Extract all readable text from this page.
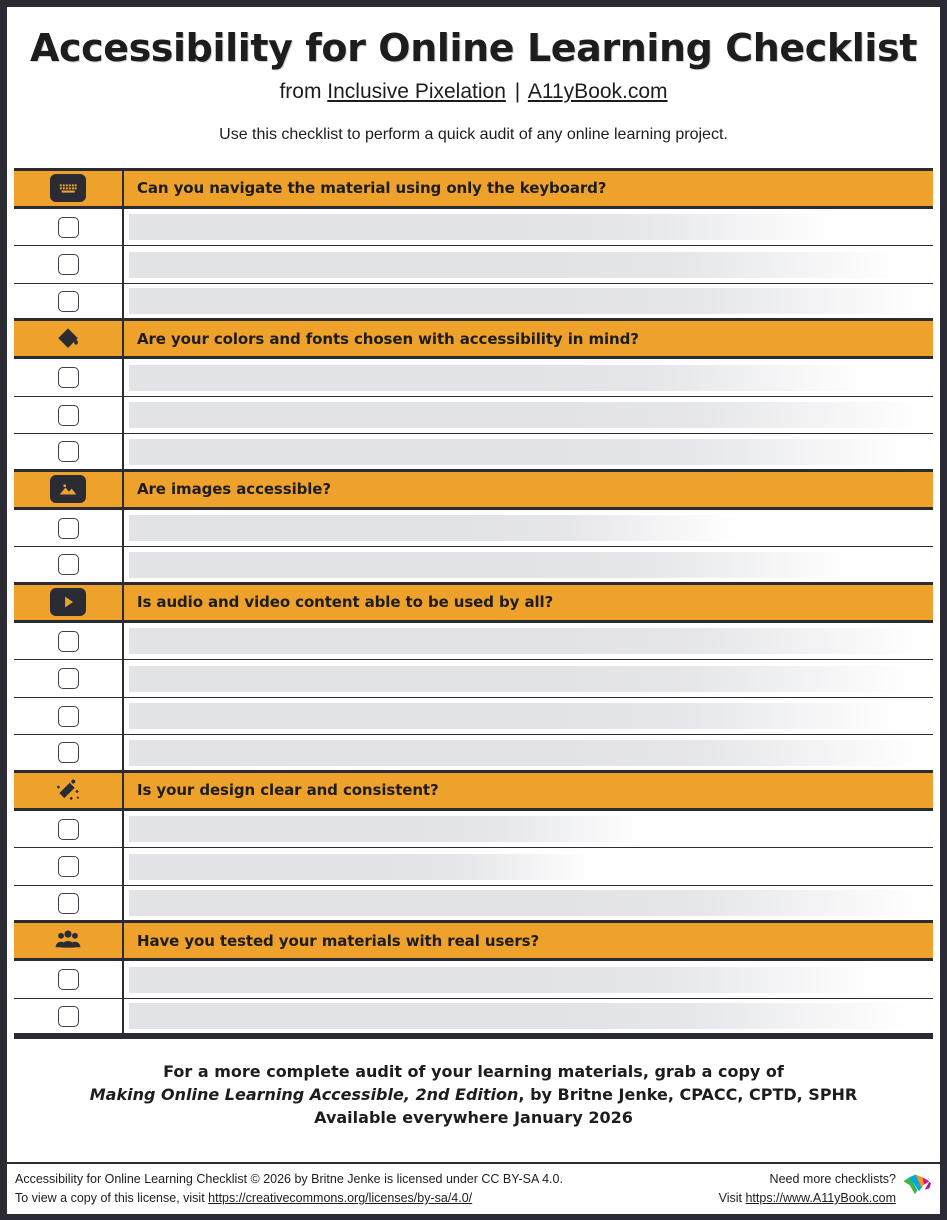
Accessibility for Online Learning Checklist
from Inclusive Pixelation | A11yBook.com
Use this checklist to perform a quick audit of any online learning project.
Can you navigate the material using only the keyboard?
Are your colors and fonts chosen with accessibility in mind?
Are images accessible?
Is audio and video content able to be used by all?
Is your design clear and consistent?
Have you tested your materials with real users?
For a more complete audit of your learning materials, grab a copy of
Making Online Learning Accessible, 2nd Edition, by Britne Jenke, CPACC, CPTD, SPHR
Available everywhere January 2026
Accessibility for Online Learning Checklist © 2026 by Britne Jenke is licensed under CC BY-SA 4.0.
To view a copy of this license, visit https://creativecommons.org/licenses/by-sa/4.0/
Need more checklists?
Visit https://www.A11yBook.com
